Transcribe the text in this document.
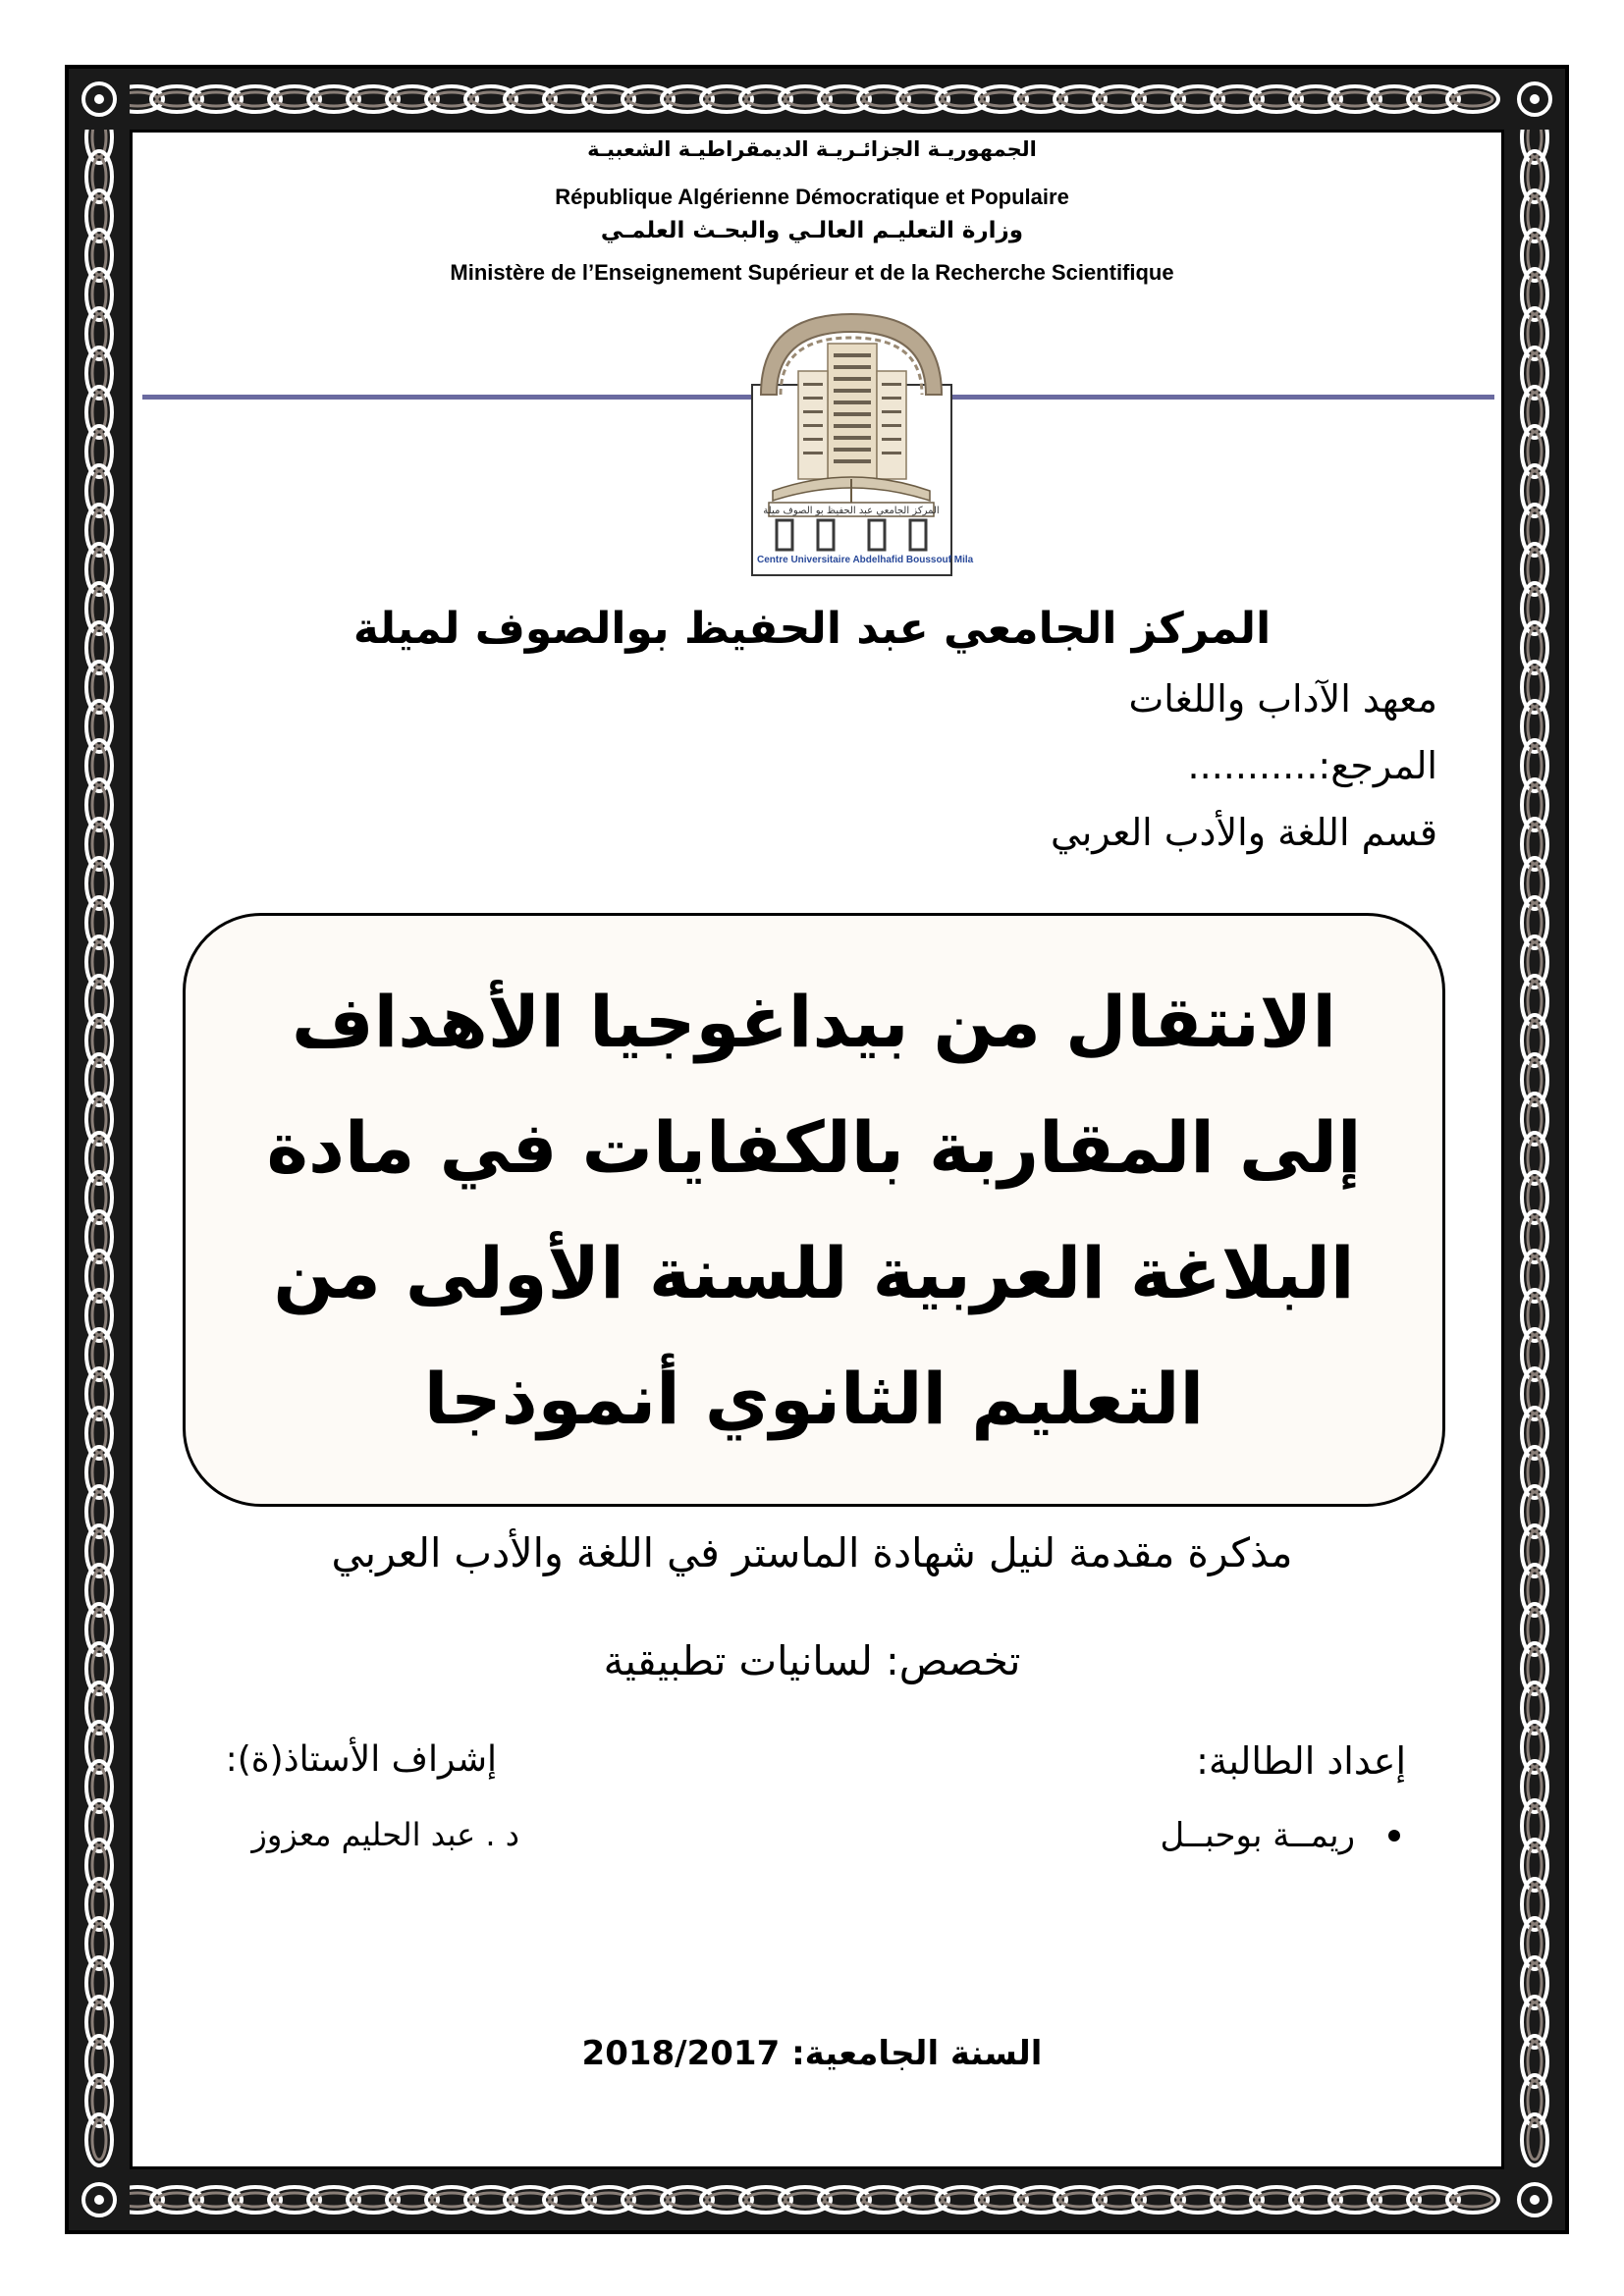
الجمهوريـة الجزائـريـة الديمقراطيـة الشعبيـة
République Algérienne Démocratique et Populaire
وزارة التعليـم العالـي والبحـث العلمـي
Ministère de l’Enseignement Supérieur et de la Recherche Scientifique
المركز الجامعي عبد الحفيظ بو الصوف ميلة
Centre Universitaire Abdelhafid Boussouf Mila
المركز الجامعي عبد الحفيظ بوالصوف لميلة
معهد الآداب واللغات
المرجع:...........
قسم اللغة والأدب العربي
الانتقال من بيداغوجيا الأهداف إلى المقاربة بالكفايات في مادة البلاغة العربية للسنة الأولى من التعليم الثانوي أنموذجا
مذكرة مقدمة لنيل شهادة الماستر في اللغة والأدب العربي
تخصص: لسانيات تطبيقية
إعداد الطالبة:
إشراف الأستاذ(ة):
ريمــة بوحبــل
د . عبد الحليم معزوز
السنة الجامعية: 2018/2017
